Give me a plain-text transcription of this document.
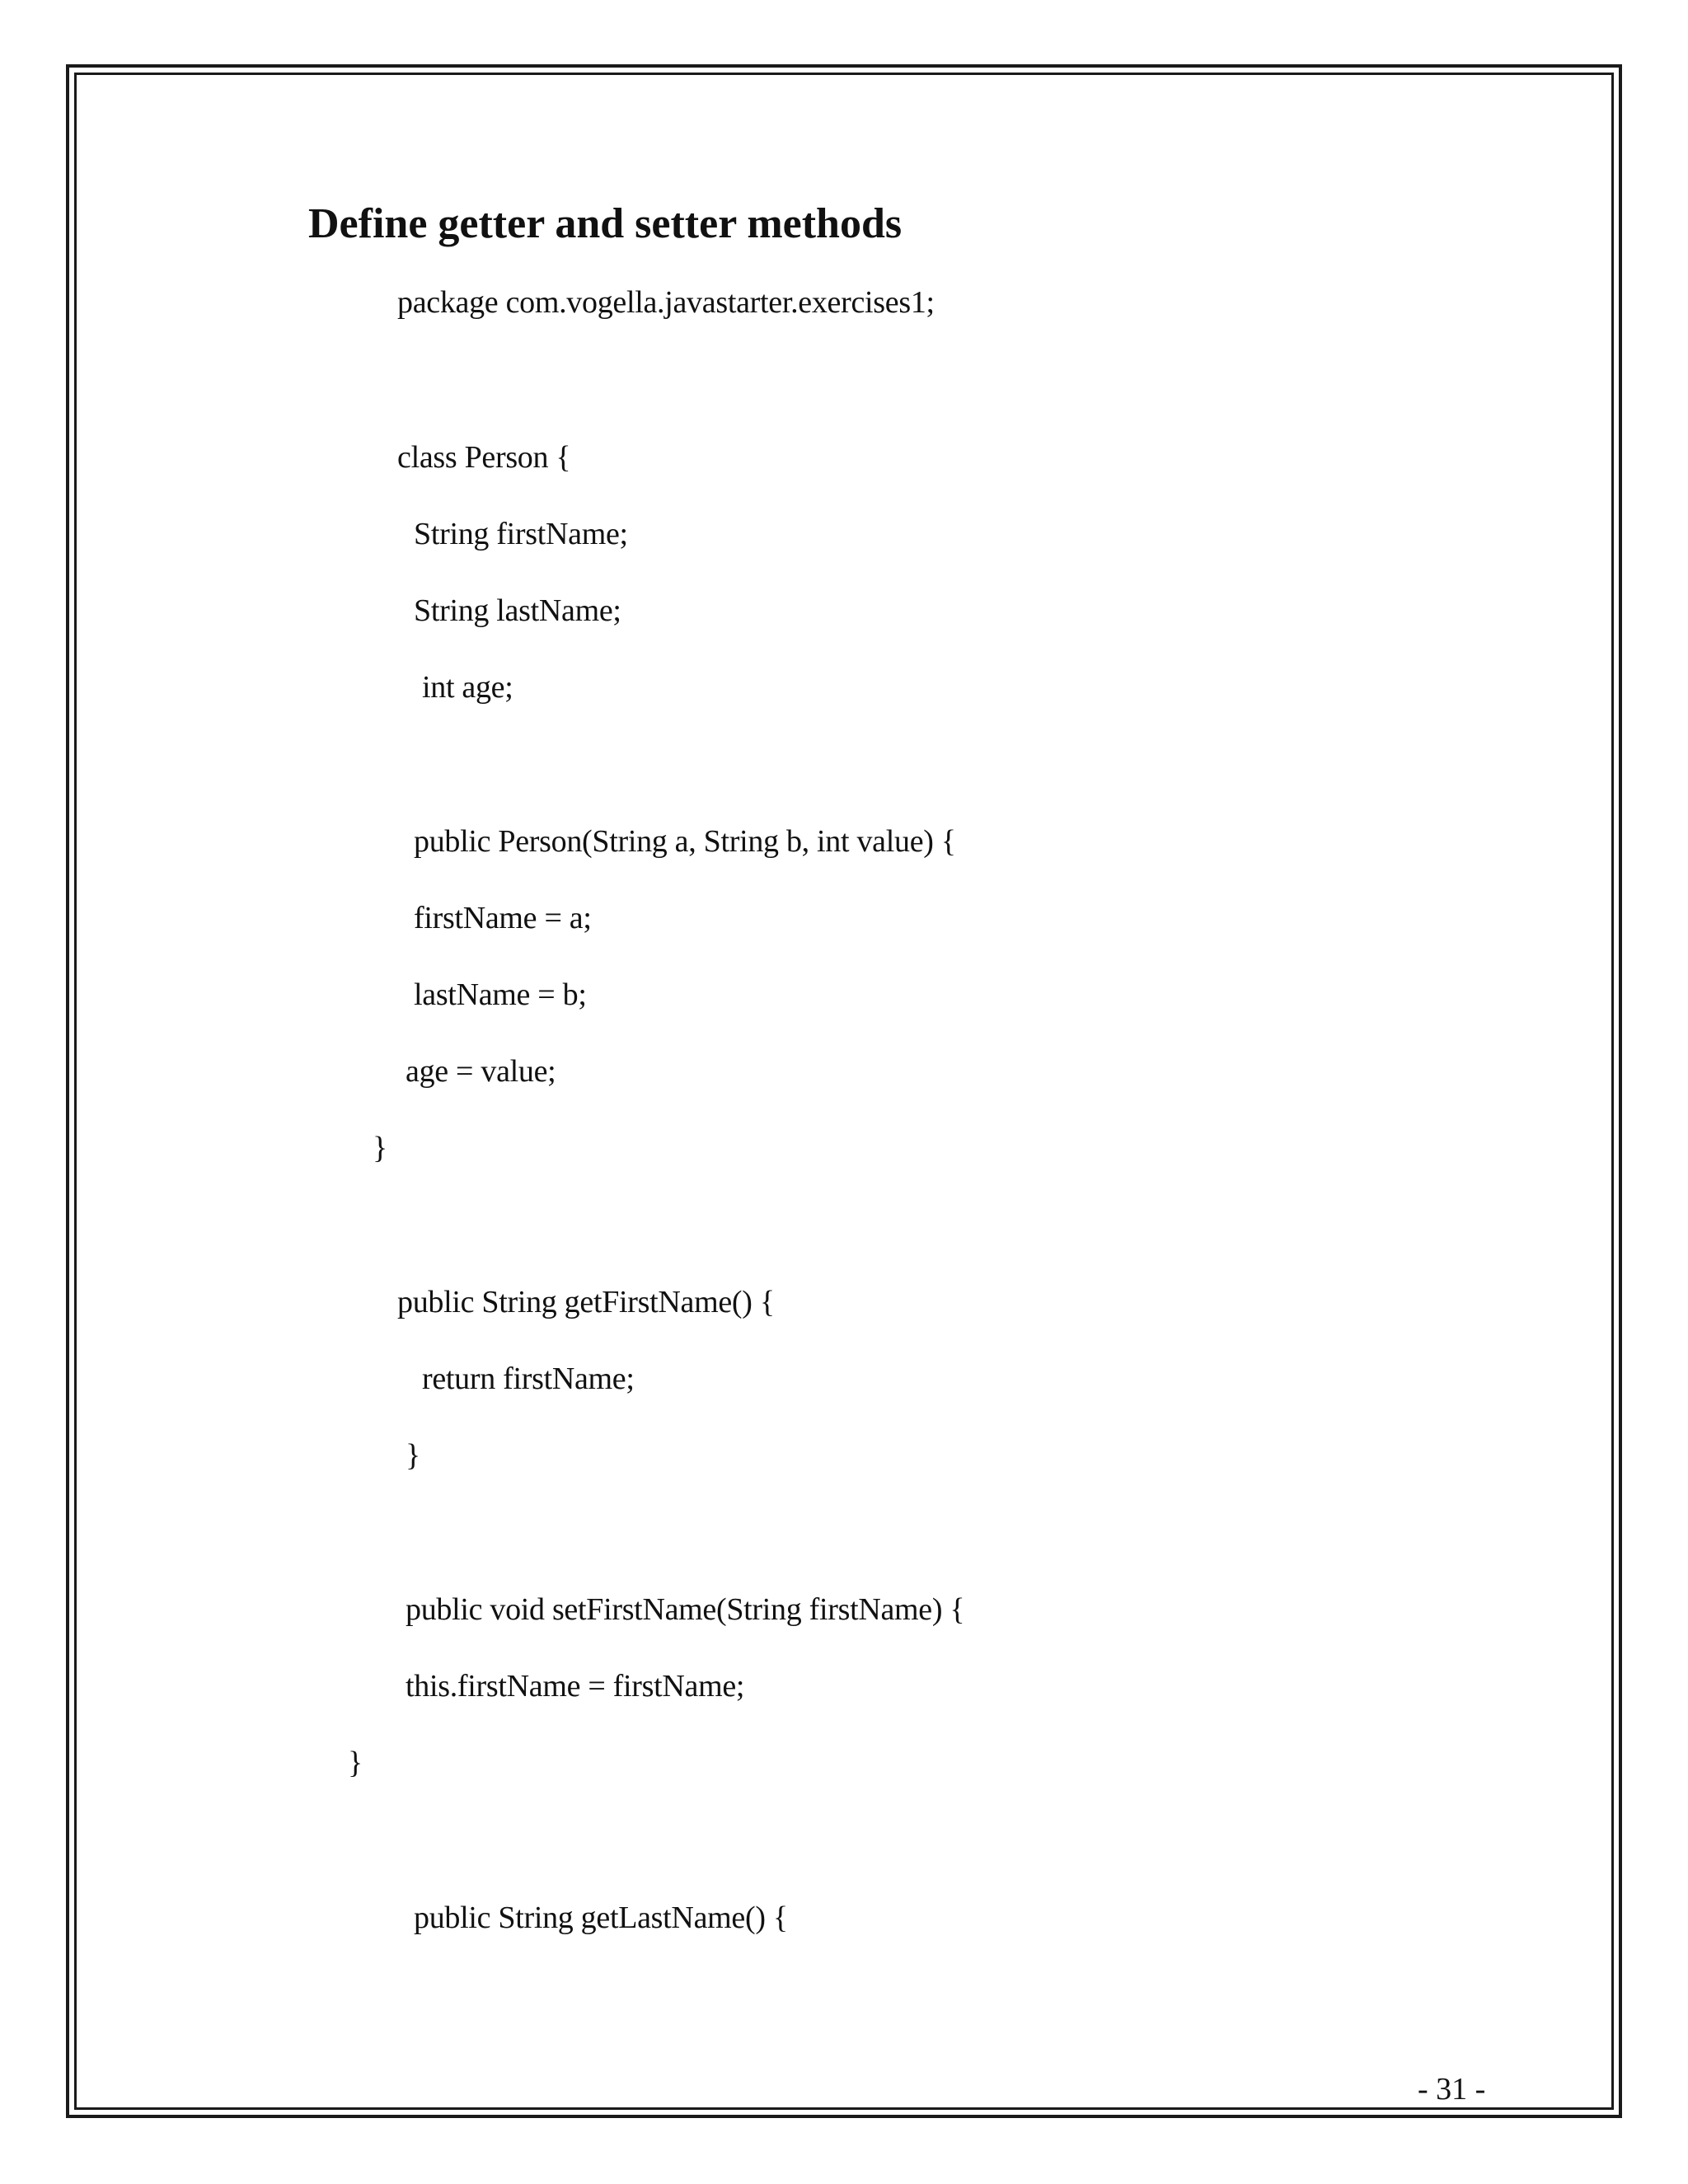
Define getter and setter methods
package com.vogella.javastarter.exercises1;
class Person {
String firstName;
String lastName;
int age;
public Person(String a, String b, int value) {
firstName = a;
lastName = b;
age = value;
}
public String getFirstName() {
return firstName;
}
public void setFirstName(String firstName) {
this.firstName = firstName;
}
public String getLastName() {
- 31 -
